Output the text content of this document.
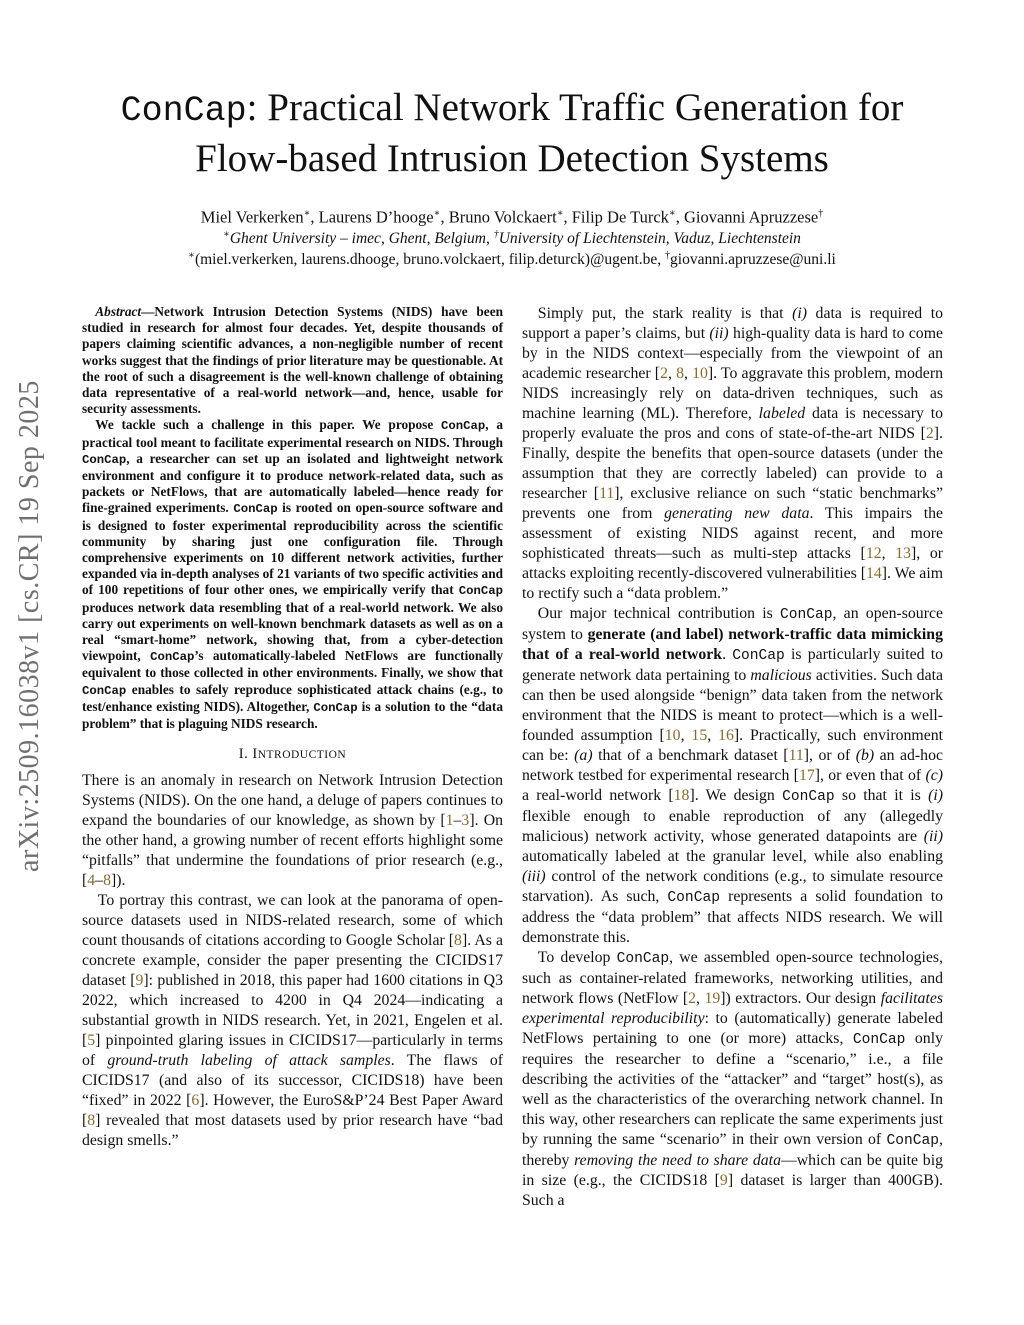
arXiv:2509.16038v1 [cs.CR] 19 Sep 2025
ConCap: Practical Network Traffic Generation for
Flow-based Intrusion Detection Systems
Miel Verkerken∗, Laurens D’hooge∗, Bruno Volckaert∗, Filip De Turck∗, Giovanni Apruzzese†
∗Ghent University – imec, Ghent, Belgium, †University of Liechtenstein, Vaduz, Liechtenstein
∗(miel.verkerken, laurens.dhooge, bruno.volckaert, filip.deturck)@ugent.be, †giovanni.apruzzese@uni.li

Abstract—Network Intrusion Detection Systems (NIDS) have been studied in research for almost four decades. Yet, despite thousands of papers claiming scientific advances, a non-negligible number of recent works suggest that the findings of prior literature may be questionable. At the root of such a disagreement is the well-known challenge of obtaining data representative of a real-world network—and, hence, usable for security assessments.

We tackle such a challenge in this paper. We propose ConCap, a practical tool meant to facilitate experimental research on NIDS. Through ConCap, a researcher can set up an isolated and lightweight network environment and configure it to produce network-related data, such as packets or NetFlows, that are automatically labeled—hence ready for fine-grained experiments. ConCap is rooted on open-source software and is designed to foster experimental reproducibility across the scientific community by sharing just one configuration file. Through comprehensive experiments on 10 different network activities, further expanded via in-depth analyses of 21 variants of two specific activities and of 100 repetitions of four other ones, we empirically verify that ConCap produces network data resembling that of a real-world network. We also carry out experiments on well-known benchmark datasets as well as on a real “smart-home” network, showing that, from a cyber-detection viewpoint, ConCap’s automatically-labeled NetFlows are functionally equivalent to those collected in other environments. Finally, we show that ConCap enables to safely reproduce sophisticated attack chains (e.g., to test/enhance existing NIDS). Altogether, ConCap is a solution to the “data problem” that is plaguing NIDS research.

I. INTRODUCTION

There is an anomaly in research on Network Intrusion Detection Systems (NIDS). On the one hand, a deluge of papers continues to expand the boundaries of our knowledge, as shown by [1–3]. On the other hand, a growing number of recent efforts highlight some “pitfalls” that undermine the foundations of prior research (e.g., [4–8]).

To portray this contrast, we can look at the panorama of open-source datasets used in NIDS-related research, some of which count thousands of citations according to Google Scholar [8]. As a concrete example, consider the paper presenting the CICIDS17 dataset [9]: published in 2018, this paper had 1600 citations in Q3 2022, which increased to 4200 in Q4 2024—indicating a substantial growth in NIDS research. Yet, in 2021, Engelen et al. [5] pinpointed glaring issues in CICIDS17—particularly in terms of ground-truth labeling of attack samples. The flaws of CICIDS17 (and also of its successor, CICIDS18) have been “fixed” in 2022 [6]. However, the EuroS&P’24 Best Paper Award [8] revealed that most datasets used by prior research have “bad design smells.”

Simply put, the stark reality is that (i) data is required to support a paper’s claims, but (ii) high-quality data is hard to come by in the NIDS context—especially from the viewpoint of an academic researcher [2, 8, 10]. To aggravate this problem, modern NIDS increasingly rely on data-driven techniques, such as machine learning (ML). Therefore, labeled data is necessary to properly evaluate the pros and cons of state-of-the-art NIDS [2]. Finally, despite the benefits that open-source datasets (under the assumption that they are correctly labeled) can provide to a researcher [11], exclusive reliance on such “static benchmarks” prevents one from generating new data. This impairs the assessment of existing NIDS against recent, and more sophisticated threats—such as multi-step attacks [12, 13], or attacks exploiting recently-discovered vulnerabilities [14]. We aim to rectify such a “data problem.”

Our major technical contribution is ConCap, an open-source system to generate (and label) network-traffic data mimicking that of a real-world network. ConCap is particularly suited to generate network data pertaining to malicious activities. Such data can then be used alongside “benign” data taken from the network environment that the NIDS is meant to protect—which is a well-founded assumption [10, 15, 16]. Practically, such environment can be: (a) that of a benchmark dataset [11], or of (b) an ad-hoc network testbed for experimental research [17], or even that of (c) a real-world network [18]. We design ConCap so that it is (i) flexible enough to enable reproduction of any (allegedly malicious) network activity, whose generated datapoints are (ii) automatically labeled at the granular level, while also enabling (iii) control of the network conditions (e.g., to simulate resource starvation). As such, ConCap represents a solid foundation to address the “data problem” that affects NIDS research. We will demonstrate this.

To develop ConCap, we assembled open-source technologies, such as container-related frameworks, networking utilities, and network flows (NetFlow [2, 19]) extractors. Our design facilitates experimental reproducibility: to (automatically) generate labeled NetFlows pertaining to one (or more) attacks, ConCap only requires the researcher to define a “scenario,” i.e., a file describing the activities of the “attacker” and “target” host(s), as well as the characteristics of the overarching network channel. In this way, other researchers can replicate the same experiments just by running the same “scenario” in their own version of ConCap, thereby removing the need to share data—which can be quite big in size (e.g., the CICIDS18 [9] dataset is larger than 400GB). Such a
